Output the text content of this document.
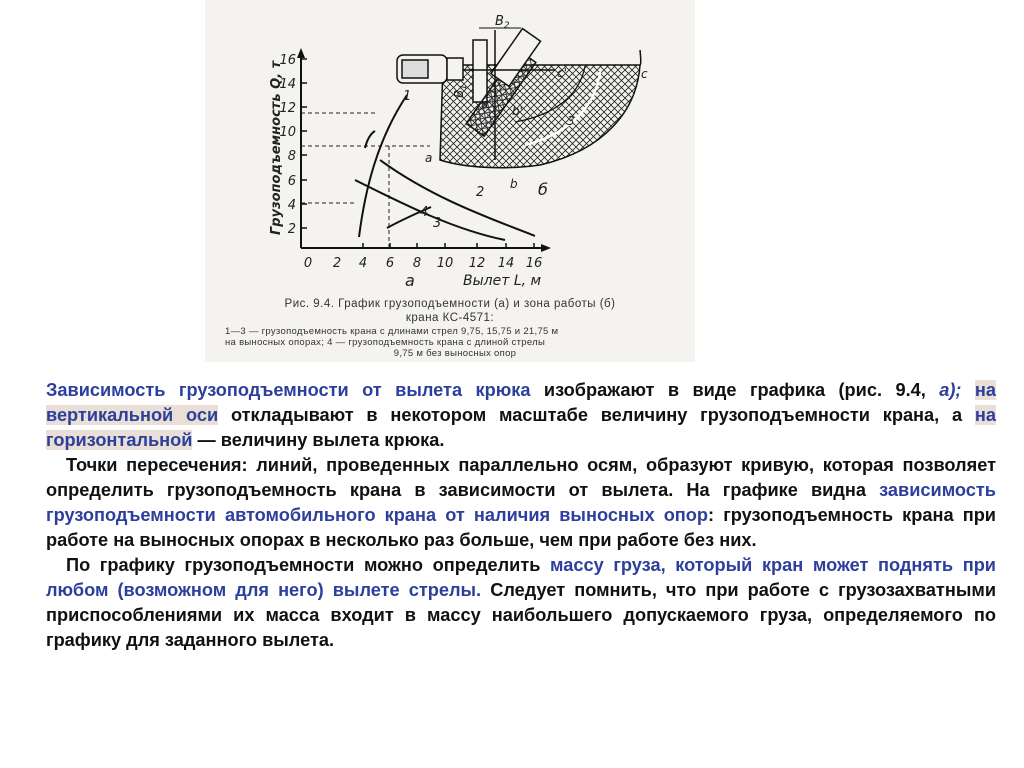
2
4
6
8
10
12
14
16
0 2 4 6 8 10 12 14 16
Грузоподъемность Q, т
Вылет L, м
а
1
2
3
4
$B_2$
$B_1$
a
a'
b
b'
c
c'
3
б
Рис. 9.4. График грузоподъемности (а) и зона работы (б)
крана КС-4571:
1—3 — грузоподъемность крана с длинами стрел 9,75, 15,75 и 21,75 м
на выносных опорах; 4 — грузоподъемность крана с длиной стрелы
9,75 м без выносных опор

Зависимость грузоподъемности от вылета крюка изображают в виде графика (рис. 9.4, а); на вертикальной оси откладывают в некотором масштабе величину грузоподъемности крана, а на горизонтальной — величину вылета крюка.

Точки пересечения: линий, проведенных параллельно осям, образуют кривую, которая позволяет определить грузоподъемность крана в зависимости от вылета. На графике видна зависимость грузоподъемности автомобильного крана от наличия выносных опор: грузоподъемность крана при работе на выносных опорах в несколько раз больше, чем при работе без них.

По графику грузоподъемности можно определить массу груза, который кран может поднять при любом (возможном для него) вылете стрелы. Следует помнить, что при работе с грузозахватными приспособлениями их масса входит в массу наибольшего допускаемого груза, определяемого по графику для заданного вылета.
